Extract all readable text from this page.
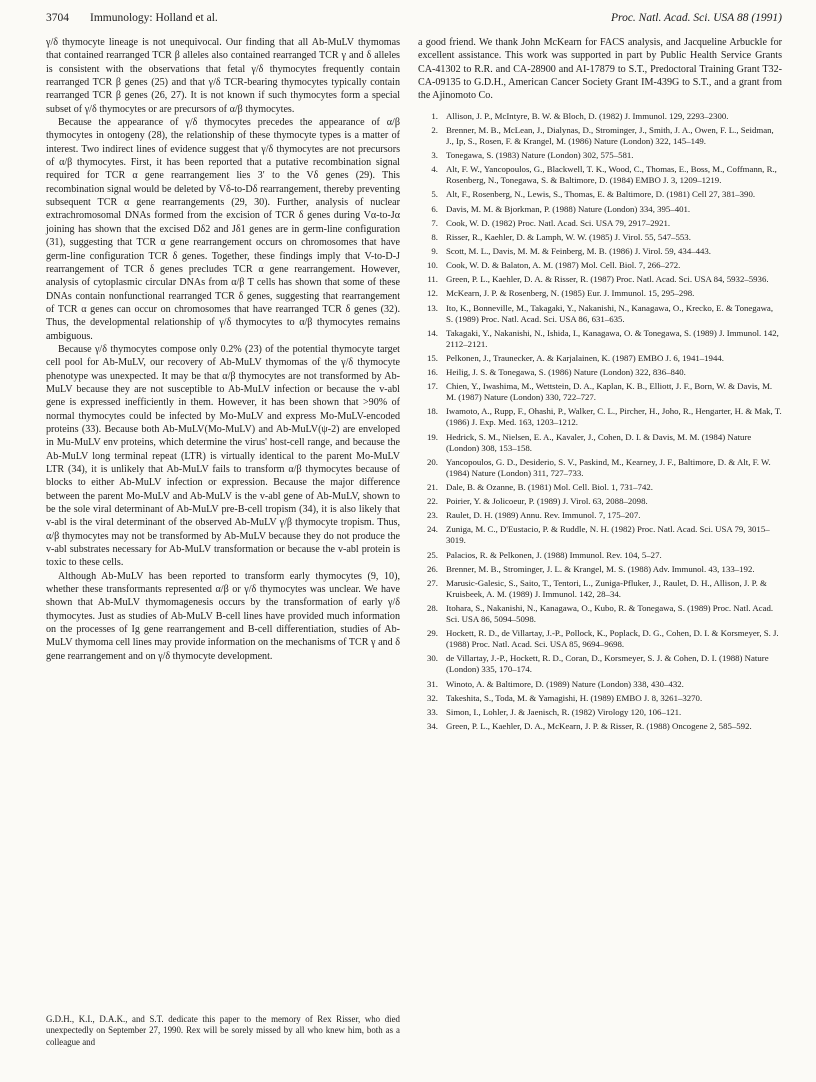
3704 Immunology: Holland et al.	Proc. Natl. Acad. Sci. USA 88 (1991)

γ/δ thymocyte lineage is not unequivocal. Our finding that all Ab-MuLV thymomas that contained rearranged TCR β alleles also contained rearranged TCR γ and δ alleles is consistent with the observations that fetal γ/δ thymocytes frequently contain rearranged TCR β genes (25) and that γ/δ TCR-bearing thymocytes typically contain rearranged TCR β genes (26, 27). It is not known if such thymocytes form a special subset of γ/δ thymocytes or are precursors of α/β thymocytes.

Because the appearance of γ/δ thymocytes precedes the appearance of α/β thymocytes in ontogeny (28), the relationship of these thymocyte types is a matter of interest. Two indirect lines of evidence suggest that γ/δ thymocytes are not precursors of α/β thymocytes. First, it has been reported that a putative recombination signal required for TCR α gene rearrangement lies 3′ to the Vδ genes (29). This recombination signal would be deleted by Vδ-to-Dδ rearrangement, thereby preventing subsequent TCR α gene rearrangements (29, 30). Further, analysis of nuclear extrachromosomal DNAs formed from the excision of TCR δ genes during Vα-to-Jα joining has shown that the excised Dδ2 and Jδ1 genes are in germ-line configuration (31), suggesting that TCR α gene rearrangement occurs on chromosomes that have germ-line configuration TCR δ genes. Together, these findings imply that V-to-D-J rearrangement of TCR δ genes precludes TCR α gene rearrangement. However, analysis of cytoplasmic circular DNAs from α/β T cells has shown that some of these DNAs contain nonfunctional rearranged TCR δ genes, suggesting that rearrangement of TCR α genes can occur on chromosomes that have rearranged TCR δ genes (32). Thus, the developmental relationship of γ/δ thymocytes to α/β thymocytes remains ambiguous.

Because γ/δ thymocytes compose only 0.2% (23) of the potential thymocyte target cell pool for Ab-MuLV, our recovery of Ab-MuLV thymomas of the γ/δ thymocyte phenotype was unexpected. It may be that α/β thymocytes are not transformed by Ab-MuLV because they are not susceptible to Ab-MuLV infection or because the v-abl gene is expressed inefficiently in them. However, it has been shown that >90% of normal thymocytes could be infected by Mo-MuLV and express Mo-MuLV-encoded proteins (33). Because both Ab-MuLV(Mo-MuLV) and Ab-MuLV(ψ-2) are enveloped in Mu-MuLV env proteins, which determine the virus' host-cell range, and because the Ab-MuLV long terminal repeat (LTR) is virtually identical to the parent Mo-MuLV LTR (34), it is unlikely that Ab-MuLV fails to transform α/β thymocytes because of blocks to either Ab-MuLV infection or expression. Because the major difference between the parent Mo-MuLV and Ab-MuLV is the v-abl gene of Ab-MuLV, shown to be the sole viral determinant of Ab-MuLV pre-B-cell tropism (34), it is also likely that v-abl is the viral determinant of the observed Ab-MuLV γ/β thymocyte tropism. Thus, α/β thymocytes may not be transformed by Ab-MuLV because they do not produce the v-abl substrates necessary for Ab-MuLV transformation or because the v-abl protein is toxic to these cells.

Although Ab-MuLV has been reported to transform early thymocytes (9, 10), whether these transformants represented α/β or γ/δ thymocytes was unclear. We have shown that Ab-MuLV thymomagenesis occurs by the transformation of early γ/δ thymocytes. Just as studies of Ab-MuLV B-cell lines have provided much information on the processes of Ig gene rearrangement and B-cell differentiation, studies of Ab-MuLV thymoma cell lines may provide information on the mechanisms of TCR γ and δ gene rearrangement and on γ/δ thymocyte development.

G.D.H., K.I., D.A.K., and S.T. dedicate this paper to the memory of Rex Risser, who died unexpectedly on September 27, 1990. Rex will be sorely missed by all who knew him, both as a colleague and

a good friend. We thank John McKearn for FACS analysis, and Jacqueline Arbuckle for excellent assistance. This work was supported in part by Public Health Service Grants CA-41302 to R.R. and CA-28900 and AI-17879 to S.T., Predoctoral Training Grant T32-CA-09135 to G.D.H., American Cancer Society Grant IM-439G to S.T., and a grant from the Ajinomoto Co.

1. Allison, J. P., McIntyre, B. W. & Bloch, D. (1982) J. Immunol. 129, 2293–2300.
2. Brenner, M. B., McLean, J., Dialynas, D., Strominger, J., Smith, J. A., Owen, F. L., Seidman, J., Ip, S., Rosen, F. & Krangel, M. (1986) Nature (London) 322, 145–149.
3. Tonegawa, S. (1983) Nature (London) 302, 575–581.
4. Alt, F. W., Yancopoulos, G., Blackwell, T. K., Wood, C., Thomas, E., Boss, M., Coffmann, R., Rosenberg, N., Tonegawa, S. & Baltimore, D. (1984) EMBO J. 3, 1209–1219.
5. Alt, F., Rosenberg, N., Lewis, S., Thomas, E. & Baltimore, D. (1981) Cell 27, 381–390.
6. Davis, M. M. & Bjorkman, P. (1988) Nature (London) 334, 395–401.
7. Cook, W. D. (1982) Proc. Natl. Acad. Sci. USA 79, 2917–2921.
8. Risser, R., Kaehler, D. & Lamph, W. W. (1985) J. Virol. 55, 547–553.
9. Scott, M. L., Davis, M. M. & Feinberg, M. B. (1986) J. Virol. 59, 434–443.
10. Cook, W. D. & Balaton, A. M. (1987) Mol. Cell. Biol. 7, 266–272.
11. Green, P. L., Kaehler, D. A. & Risser, R. (1987) Proc. Natl. Acad. Sci. USA 84, 5932–5936.
12. McKearn, J. P. & Rosenberg, N. (1985) Eur. J. Immunol. 15, 295–298.
13. Ito, K., Bonneville, M., Takagaki, Y., Nakanishi, N., Kanagawa, O., Krecko, E. & Tonegawa, S. (1989) Proc. Natl. Acad. Sci. USA 86, 631–635.
14. Takagaki, Y., Nakanishi, N., Ishida, I., Kanagawa, O. & Tonegawa, S. (1989) J. Immunol. 142, 2112–2121.
15. Pelkonen, J., Traunecker, A. & Karjalainen, K. (1987) EMBO J. 6, 1941–1944.
16. Heilig, J. S. & Tonegawa, S. (1986) Nature (London) 322, 836–840.
17. Chien, Y., Iwashima, M., Wettstein, D. A., Kaplan, K. B., Elliott, J. F., Born, W. & Davis, M. M. (1987) Nature (London) 330, 722–727.
18. Iwamoto, A., Rupp, F., Ohashi, P., Walker, C. L., Pircher, H., Joho, R., Hengarter, H. & Mak, T. (1986) J. Exp. Med. 163, 1203–1212.
19. Hedrick, S. M., Nielsen, E. A., Kavaler, J., Cohen, D. I. & Davis, M. M. (1984) Nature (London) 308, 153–158.
20. Yancopoulos, G. D., Desiderio, S. V., Paskind, M., Kearney, J. F., Baltimore, D. & Alt, F. W. (1984) Nature (London) 311, 727–733.
21. Dale, B. & Ozanne, B. (1981) Mol. Cell. Biol. 1, 731–742.
22. Poirier, Y. & Jolicoeur, P. (1989) J. Virol. 63, 2088–2098.
23. Raulet, D. H. (1989) Annu. Rev. Immunol. 7, 175–207.
24. Zuniga, M. C., D'Eustacio, P. & Ruddle, N. H. (1982) Proc. Natl. Acad. Sci. USA 79, 3015–3019.
25. Palacios, R. & Pelkonen, J. (1988) Immunol. Rev. 104, 5–27.
26. Brenner, M. B., Strominger, J. L. & Krangel, M. S. (1988) Adv. Immunol. 43, 133–192.
27. Marusic-Galesic, S., Saito, T., Tentori, L., Zuniga-Pfluker, J., Raulet, D. H., Allison, J. P. & Kruisbeek, A. M. (1989) J. Immunol. 142, 28–34.
28. Itohara, S., Nakanishi, N., Kanagawa, O., Kubo, R. & Tonegawa, S. (1989) Proc. Natl. Acad. Sci. USA 86, 5094–5098.
29. Hockett, R. D., de Villartay, J.-P., Pollock, K., Poplack, D. G., Cohen, D. I. & Korsmeyer, S. J. (1988) Proc. Natl. Acad. Sci. USA 85, 9694–9698.
30. de Villartay, J.-P., Hockett, R. D., Coran, D., Korsmeyer, S. J. & Cohen, D. I. (1988) Nature (London) 335, 170–174.
31. Winoto, A. & Baltimore, D. (1989) Nature (London) 338, 430–432.
32. Takeshita, S., Toda, M. & Yamagishi, H. (1989) EMBO J. 8, 3261–3270.
33. Simon, I., Lohler, J. & Jaenisch, R. (1982) Virology 120, 106–121.
34. Green, P. L., Kaehler, D. A., McKearn, J. P. & Risser, R. (1988) Oncogene 2, 585–592.
